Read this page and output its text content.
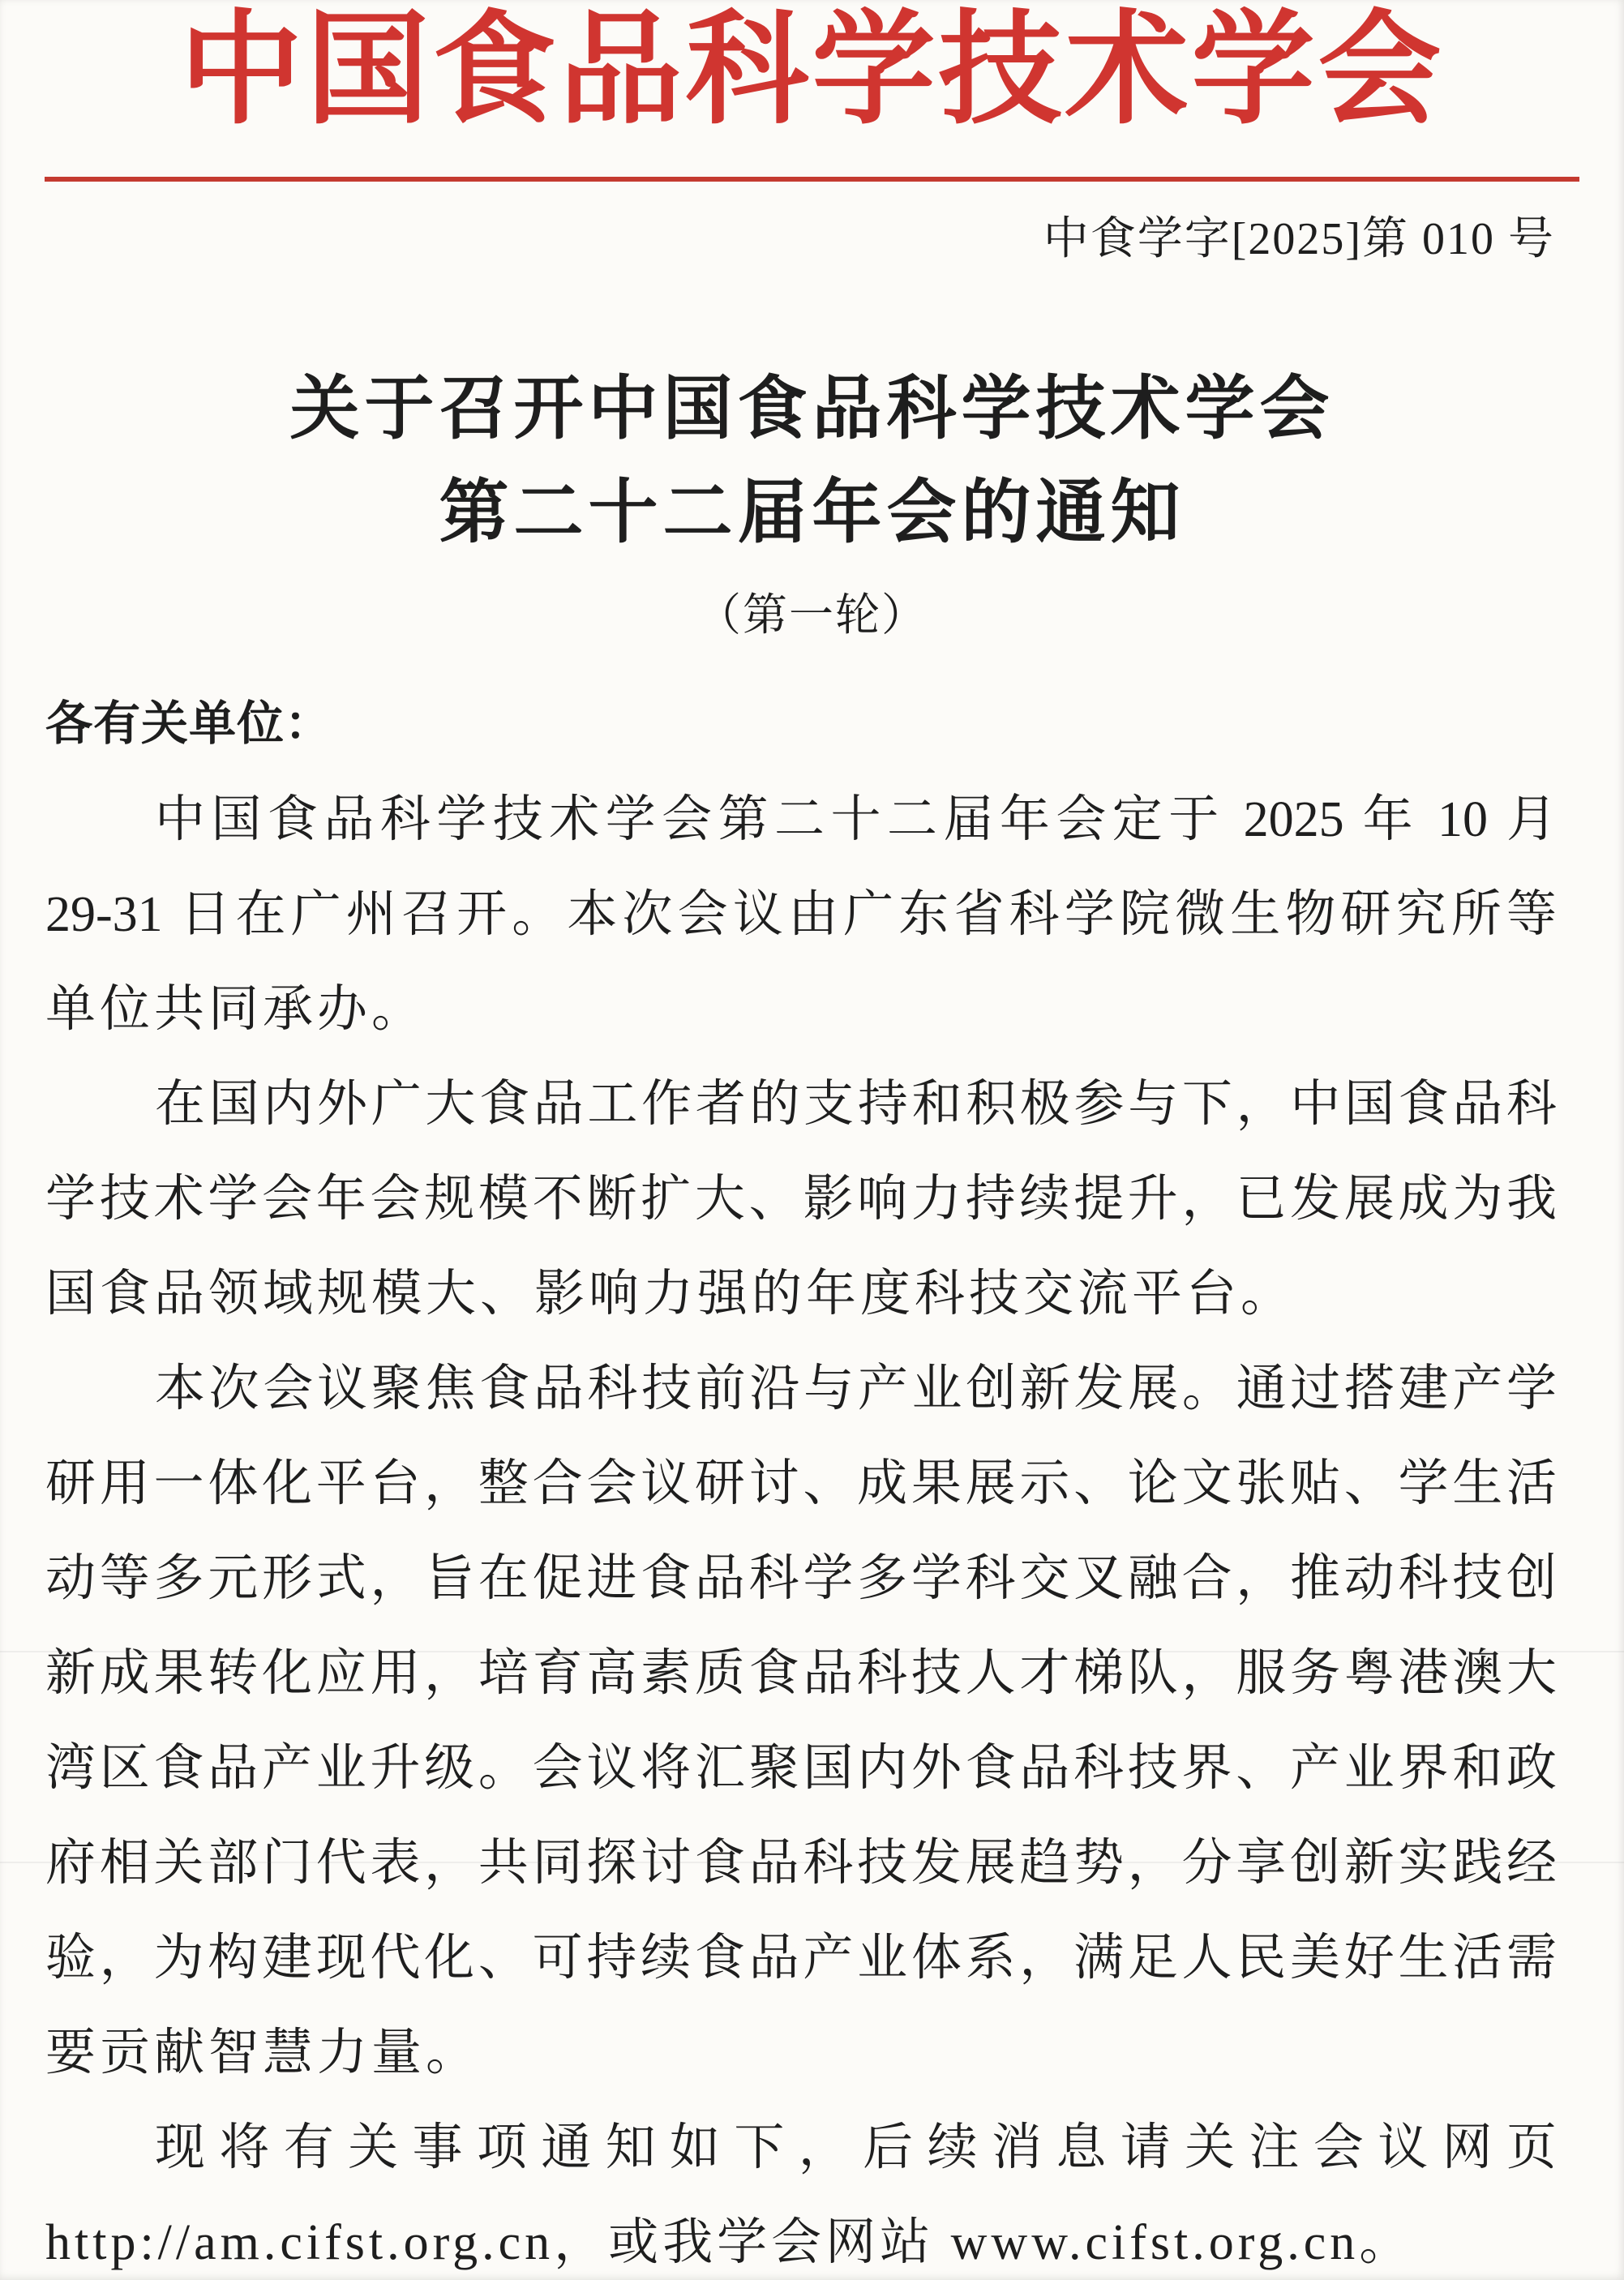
中国食品科学技术学会
中食学字[2025]第 010 号
关于召开中国食品科学技术学会
第二十二届年会的通知
（第一轮）
各有关单位：
中国食品科学技术学会第二十二届年会定于 2025 年 10 月
29-31 日在广州召开。本次会议由广东省科学院微生物研究所等
单位共同承办。
在国内外广大食品工作者的支持和积极参与下，中国食品科
学技术学会年会规模不断扩大、影响力持续提升，已发展成为我
国食品领域规模大、影响力强的年度科技交流平台。
本次会议聚焦食品科技前沿与产业创新发展。通过搭建产学
研用一体化平台，整合会议研讨、成果展示、论文张贴、学生活
动等多元形式，旨在促进食品科学多学科交叉融合，推动科技创
新成果转化应用，培育高素质食品科技人才梯队，服务粤港澳大
湾区食品产业升级。会议将汇聚国内外食品科技界、产业界和政
府相关部门代表，共同探讨食品科技发展趋势，分享创新实践经
验，为构建现代化、可持续食品产业体系，满足人民美好生活需
要贡献智慧力量。
现将有关事项通知如下，后续消息请关注会议网页
http://am.cifst.org.cn，或我学会网站 www.cifst.org.cn。
